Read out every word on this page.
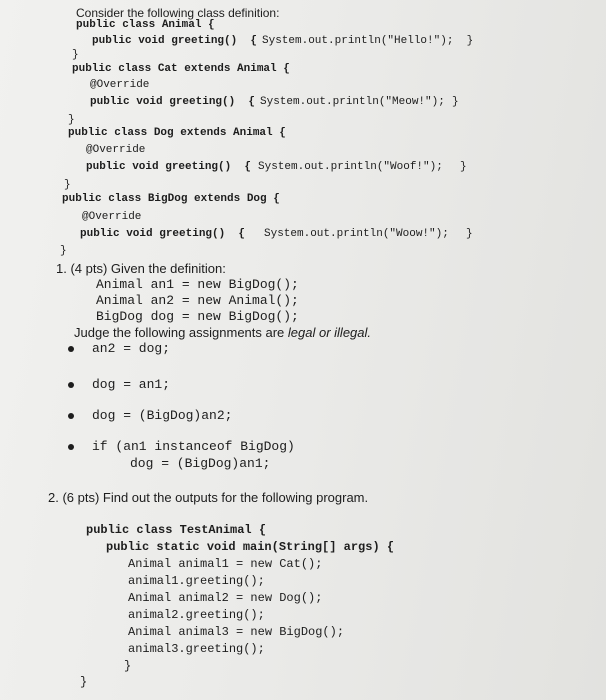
Consider the following class definition:
public class Animal {
public void greeting()  { System.out.println("Hello!");  }
}
public class Cat extends Animal {
@Override
public void greeting()  { System.out.println("Meow!"); }
}
public class Dog extends Animal {
@Override
public void greeting()  { System.out.println("Woof!"); }
}
public class BigDog extends Dog {
@Override
public void greeting()  { System.out.println("Woow!"); }
}
1. (4 pts) Given the definition:
Animal an1 = new BigDog();
Animal an2 = new Animal();
BigDog dog = new BigDog();
Judge the following assignments are legal or illegal.
an2 = dog;
dog = an1;
dog = (BigDog)an2;
if (an1 instanceof BigDog)
dog = (BigDog)an1;
2. (6 pts) Find out the outputs for the following program.
public class TestAnimal {
public static void main(String[] args) {
Animal animal1 = new Cat();
animal1.greeting();
Animal animal2 = new Dog();
animal2.greeting();
Animal animal3 = new BigDog();
animal3.greeting();
}
}
